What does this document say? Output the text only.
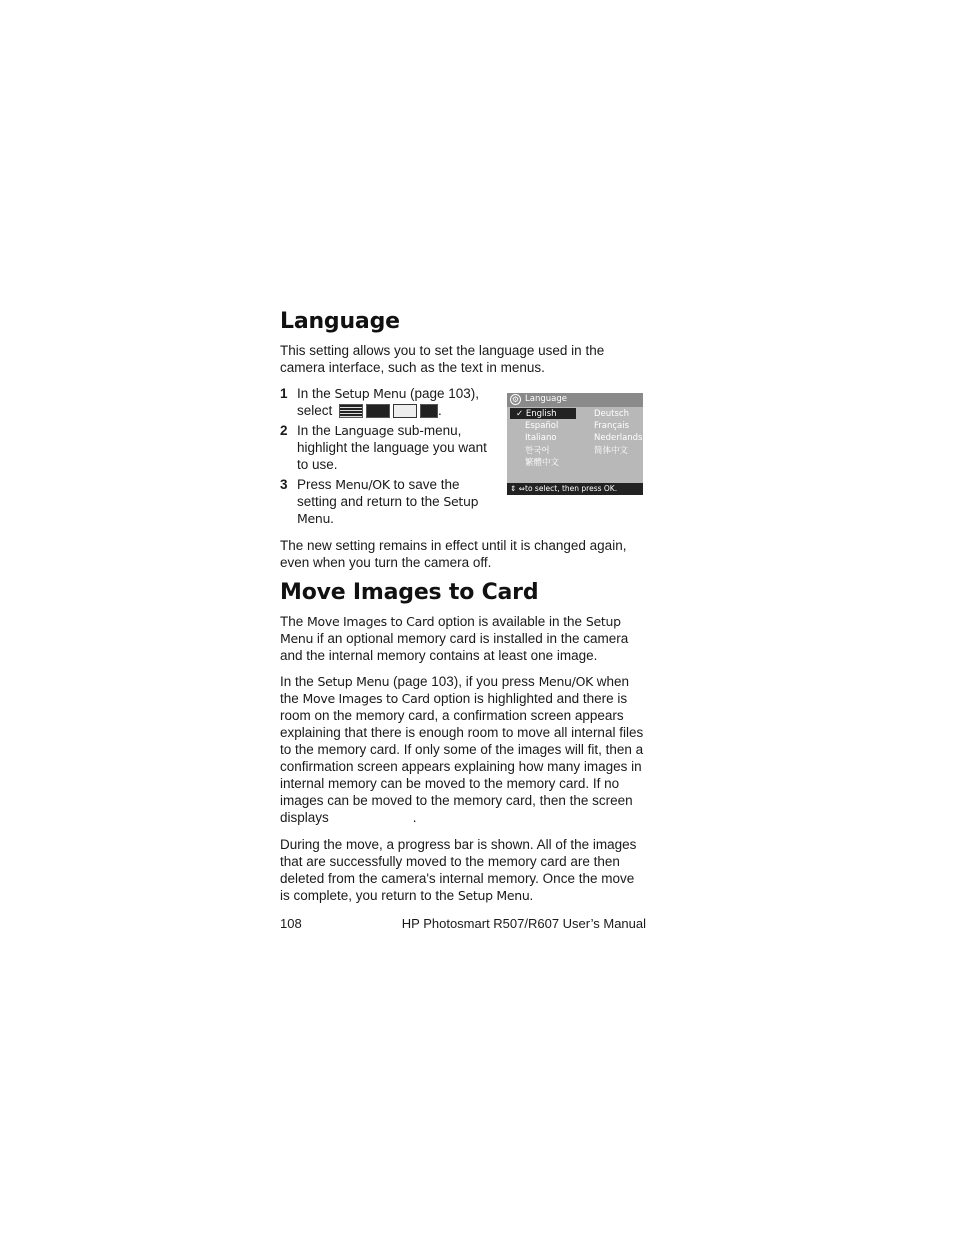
Language

This setting allows you to set the language used in the camera interface, such as the text in menus.

1 In the Setup Menu (page 103), select	.
2 In the Language sub-menu, highlight the language you want to use.
3 Press Menu/OK to save the setting and return to the Setup Menu.
⚙ Language
✓ English
Español
Italiano
한국어
繁體中文
Deutsch
Français
Nederlands
简体中文
⇕ ⇔ to select, then press OK.

The new setting remains in effect until it is changed again, even when you turn the camera off.

Move Images to Card

The Move Images to Card option is available in the Setup Menu if an optional memory card is installed in the camera and the internal memory contains at least one image.

In the Setup Menu (page 103), if you press Menu/OK when the Move Images to Card option is highlighted and there is room on the memory card, a confirmation screen appears explaining that there is enough room to move all internal files to the memory card. If only some of the images will fit, then a confirmation screen appears explaining how many images in internal memory can be moved to the memory card. If no images can be moved to the memory card, then the screen displays	.

During the move, a progress bar is shown. All of the images that are successfully moved to the memory card are then deleted from the camera's internal memory. Once the move is complete, you return to the Setup Menu.

108	HP Photosmart R507/R607 User’s Manual
